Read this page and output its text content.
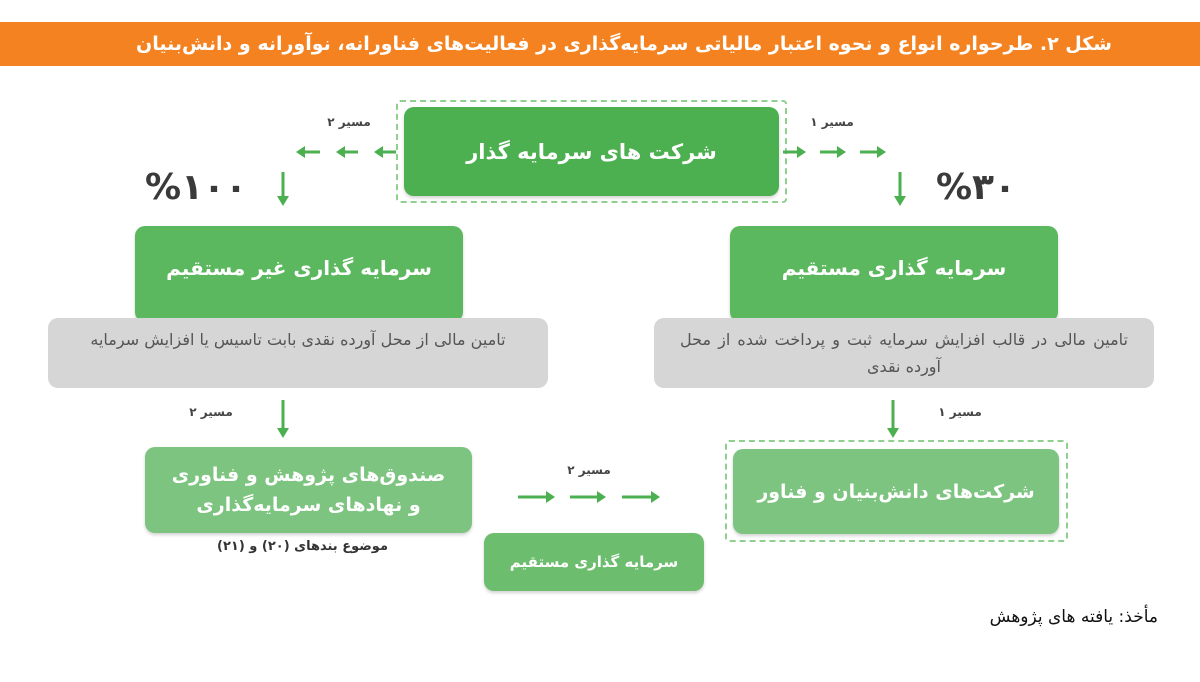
شکل ۲. طرحواره انواع و نحوه اعتبار مالیاتی سرمایه‌گذاری در فعالیت‌های فناورانه، نوآورانه و دانش‌بنیان
شرکت های سرمایه گذار
مسیر ۲	مسیر ۱
مسیر ۲
مسیر ۲
مسیر ۱
%۱۰۰	%۳۰
سرمایه گذاری غیر مستقیم
تامین مالی از محل آورده نقدی بابت تاسیس یا افزایش سرمایه
سرمایه گذاری مستقیم
تامین مالی در قالب افزایش سرمایه ثبت و پرداخت شده از محل آورده نقدی
صندوق‌های پژوهش و فناوری و نهادهای سرمایه‌گذاری
موضوع بندهای (۲۰) و (۲۱)
سرمایه گذاری مستقیم
شرکت‌های دانش‌بنیان و فناور
مأخذ: یافته های پژوهش
